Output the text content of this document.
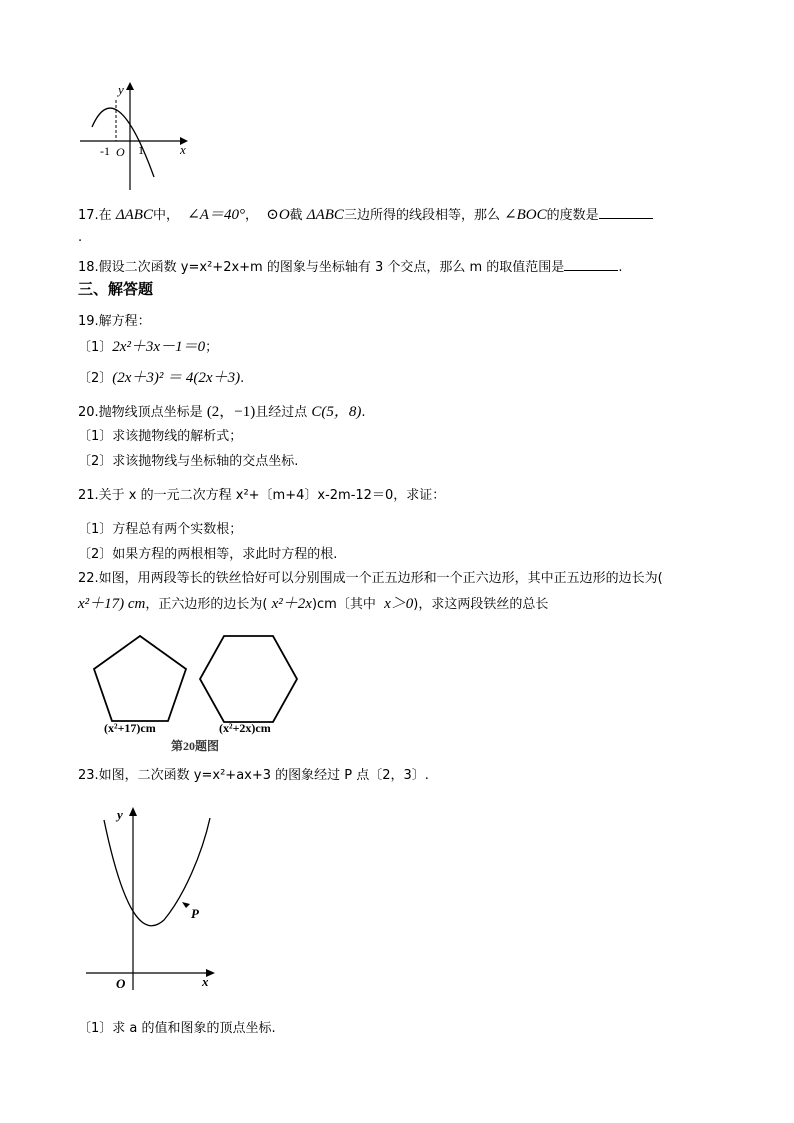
y
x
-1 O 1
17.在 ΔABC中， ∠A＝40°， ⊙O截 ΔABC三边所得的线段相等，那么 ∠BOC的度数是
.
18.假设二次函数 y=x²+2x+m 的图象与坐标轴有 3 个交点，那么 m 的取值范围是	.
三、解答题
19.解方程：
〔1〕2x²＋3x－1＝0；
〔2〕(2x＋3)² ＝ 4(2x＋3).
20.抛物线顶点坐标是 (2，−1)且经过点 C(5，8).
〔1〕求该抛物线的解析式；
〔2〕求该抛物线与坐标轴的交点坐标.
21.关于 x 的一元二次方程 x²+〔m+4〕x-2m-12＝0，求证：
〔1〕方程总有两个实数根；
〔2〕如果方程的两根相等，求此时方程的根.
22.如图，用两段等长的铁丝恰好可以分别围成一个正五边形和一个正六边形，其中正五边形的边长为(
x²＋17) cm，正六边形的边长为( x²＋2x)cm〔其中  x＞0)，求这两段铁丝的总长
(x²+17)cm	(x²+2x)cm
第20题图
23.如图，二次函数 y=x²+ax+3 的图象经过 P 点〔2，3〕.
y
x
O
P
〔1〕求 a 的值和图象的顶点坐标.
